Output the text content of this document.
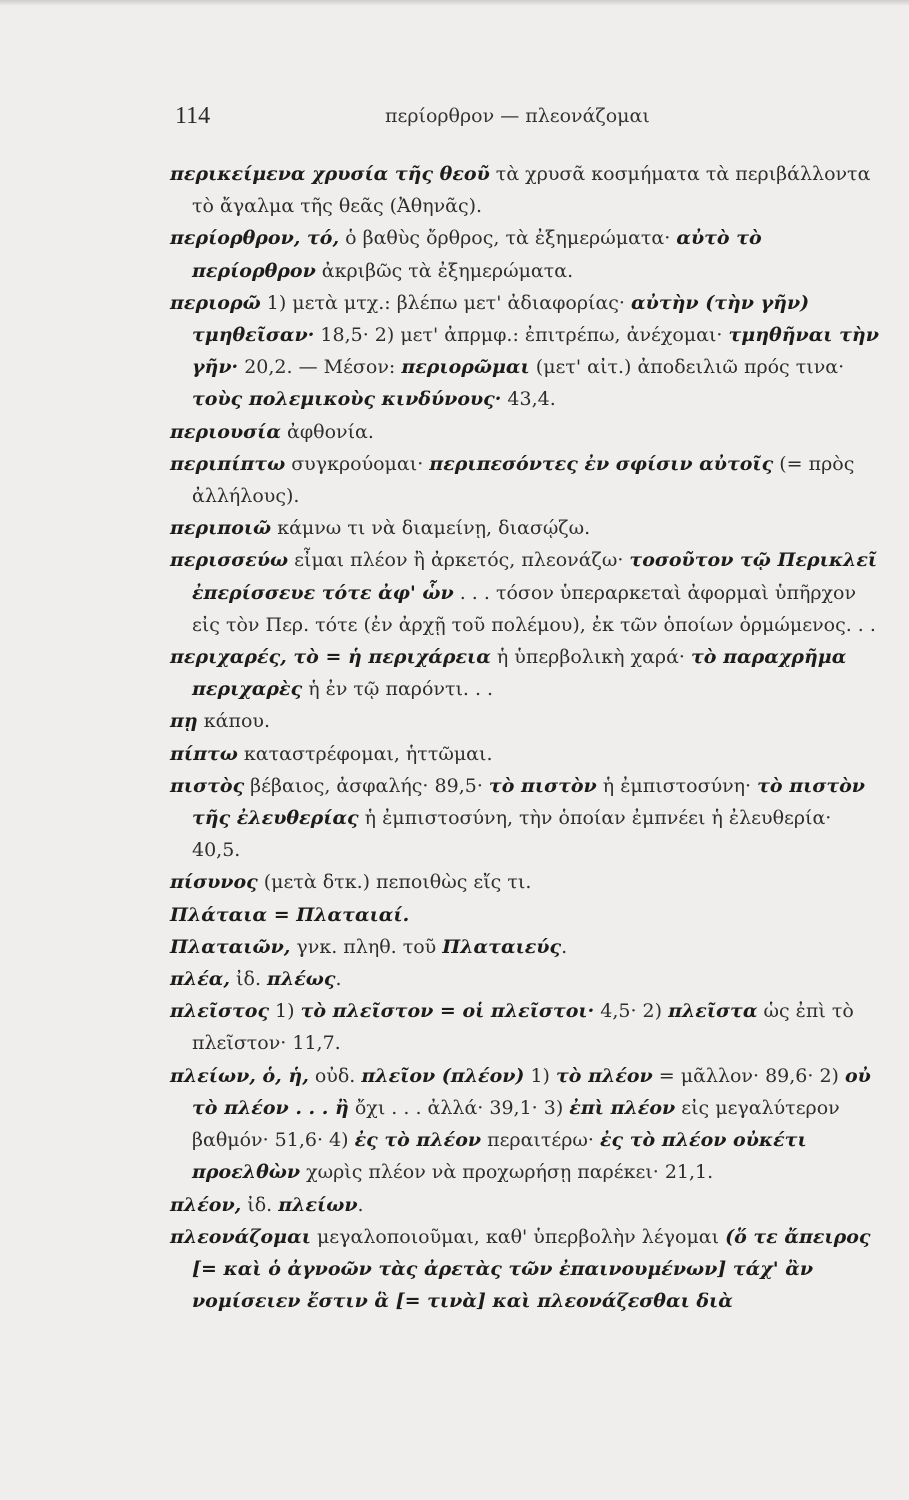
114	περίορθρον — πλεονάζομαι

περικείμενα χρυσία τῆς θεοῦ τὰ χρυσᾶ κοσμήματα τὰ περιβάλλοντα τὸ ἄγαλμα τῆς θεᾶς (Ἀθηνᾶς).

περίορθρον, τό, ὁ βαθὺς ὄρθρος, τὰ ἐξημερώματα· αὐτὸ τὸ περίορθρον ἀκριβῶς τὰ ἐξημερώματα.

περιορῶ 1) μετὰ μτχ.: βλέπω μετ' ἀδιαφορίας· αὐτὴν (τὴν γῆν) τμηθεῖσαν· 18,5· 2) μετ' ἀπρμφ.: ἐπιτρέπω, ἀνέχομαι· τμηθῆναι τὴν γῆν· 20,2. — Μέσον: περιορῶμαι (μετ' αἰτ.) ἀποδειλιῶ πρός τινα· τοὺς πολεμικοὺς κινδύνους· 43,4.

περιουσία ἀφθονία.

περιπίπτω συγκρούομαι· περιπεσόντες ἐν σφίσιν αὐτοῖς (= πρὸς ἀλλήλους).

περιποιῶ κάμνω τι νὰ διαμείνῃ, διασῴζω.

περισσεύω εἶμαι πλέον ἢ ἀρκετός, πλεονάζω· τοσοῦτον τῷ Περικλεῖ ἐπερίσσευε τότε ἀφ' ὧν . . . τόσον ὑπεραρκεταὶ ἀφορμαὶ ὑπῆρχον εἰς τὸν Περ. τότε (ἐν ἀρχῇ τοῦ πολέμου), ἐκ τῶν ὁποίων ὁρμώμενος. . .

περιχαρές, τὸ = ἡ περιχάρεια ἡ ὑπερβολικὴ χαρά· τὸ παραχρῆμα περιχαρὲς ἡ ἐν τῷ παρόντι. . .

πῃ κάπου.

πίπτω καταστρέφομαι, ἡττῶμαι.

πιστὸς βέβαιος, ἀσφαλής· 89,5· τὸ πιστὸν ἡ ἐμπιστοσύνη· τὸ πιστὸν τῆς ἐλευθερίας ἡ ἐμπιστοσύνη, τὴν ὁποίαν ἐμπνέει ἡ ἐλευθερία· 40,5.

πίσυνος (μετὰ δτκ.) πεποιθὼς εἴς τι.

Πλάταια = Πλαταιαί.

Πλαταιῶν, γνκ. πληθ. τοῦ Πλαταιεύς.

πλέα, ἰδ. πλέως.

πλεῖστος 1) τὸ πλεῖστον = οἱ πλεῖστοι· 4,5· 2) πλεῖστα ὡς ἐπὶ τὸ πλεῖστον· 11,7.

πλείων, ὁ, ἡ, οὐδ. πλεῖον (πλέον) 1) τὸ πλέον = μᾶλλον· 89,6· 2) οὐ τὸ πλέον . . . ἢ ὄχι . . . ἀλλά· 39,1· 3) ἐπὶ πλέον εἰς μεγαλύτερον βαθμόν· 51,6· 4) ἐς τὸ πλέον περαιτέρω· ἐς τὸ πλέον οὐκέτι προελθὼν χωρὶς πλέον νὰ προχωρήσῃ παρέκει· 21,1.

πλέον, ἰδ. πλείων.

πλεονάζομαι μεγαλοποιοῦμαι, καθ' ὑπερβολὴν λέγομαι (ὅ τε ἄπειρος [= καὶ ὁ ἀγνοῶν τὰς ἀρετὰς τῶν ἐπαινουμένων] τάχ' ἂν νομίσειεν ἔστιν ἃ [= τινὰ] καὶ πλεονάζεσθαι διὰ
